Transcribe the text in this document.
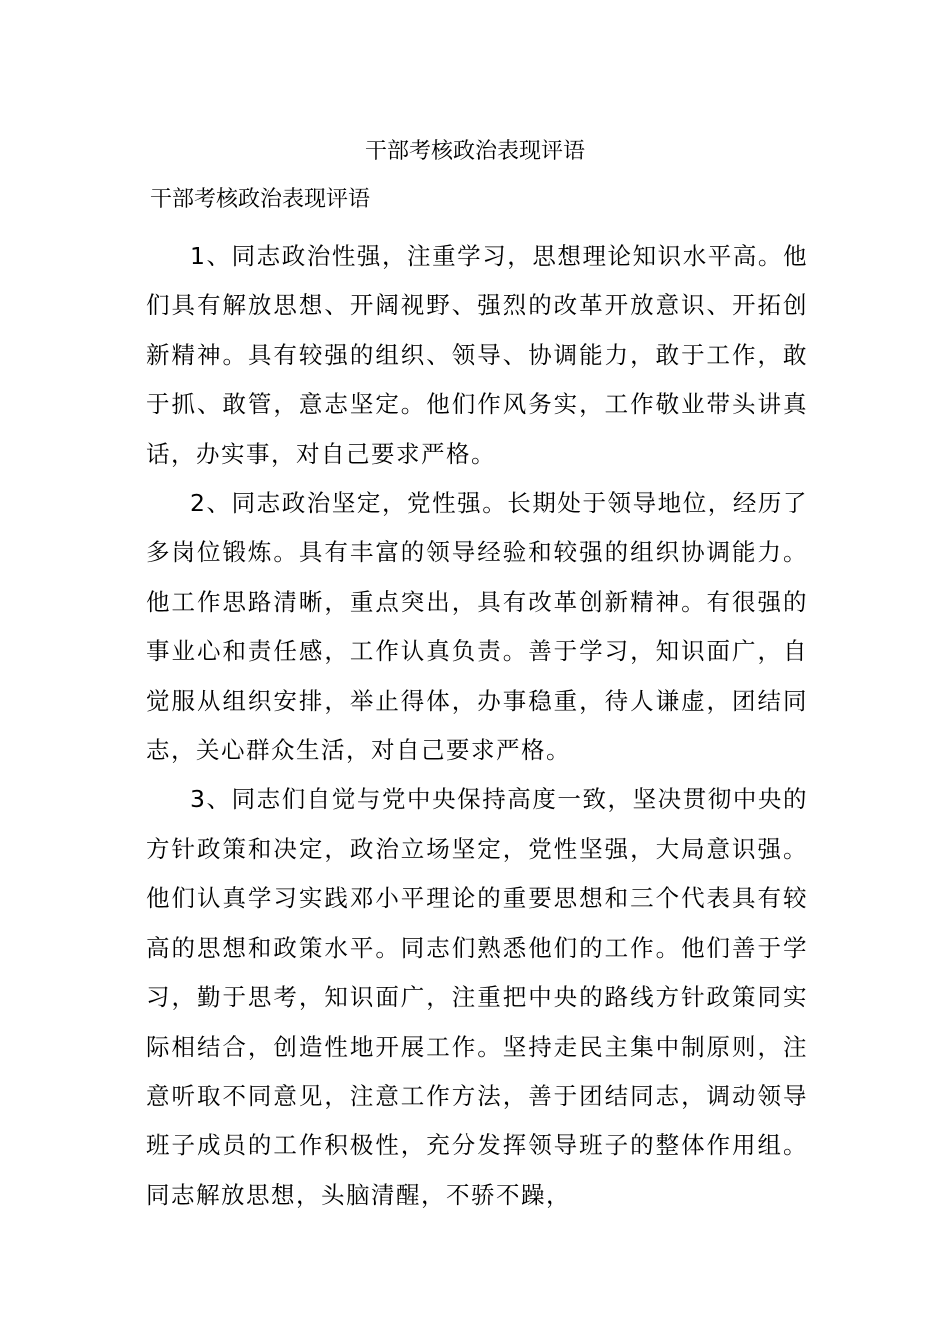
干部考核政治表现评语
干部考核政治表现评语

1、同志政治性强，注重学习，思想理论知识水平高。他们具有解放思想、开阔视野、强烈的改革开放意识、开拓创新精神。具有较强的组织、领导、协调能力，敢于工作，敢于抓、敢管，意志坚定。他们作风务实，工作敬业带头讲真话，办实事，对自己要求严格。

2、同志政治坚定，党性强。长期处于领导地位，经历了多岗位锻炼。具有丰富的领导经验和较强的组织协调能力。他工作思路清晰，重点突出，具有改革创新精神。有很强的事业心和责任感，工作认真负责。善于学习，知识面广，自觉服从组织安排，举止得体，办事稳重，待人谦虚，团结同志，关心群众生活，对自己要求严格。

3、同志们自觉与党中央保持高度一致，坚决贯彻中央的方针政策和决定，政治立场坚定，党性坚强，大局意识强。他们认真学习实践邓小平理论的重要思想和三个代表具有较高的思想和政策水平。同志们熟悉他们的工作。他们善于学习，勤于思考，知识面广，注重把中央的路线方针政策同实际相结合，创造性地开展工作。坚持走民主集中制原则，注意听取不同意见，注意工作方法，善于团结同志，调动领导班子成员的工作积极性，充分发挥领导班子的整体作用组。同志解放思想，头脑清醒，不骄不躁，
